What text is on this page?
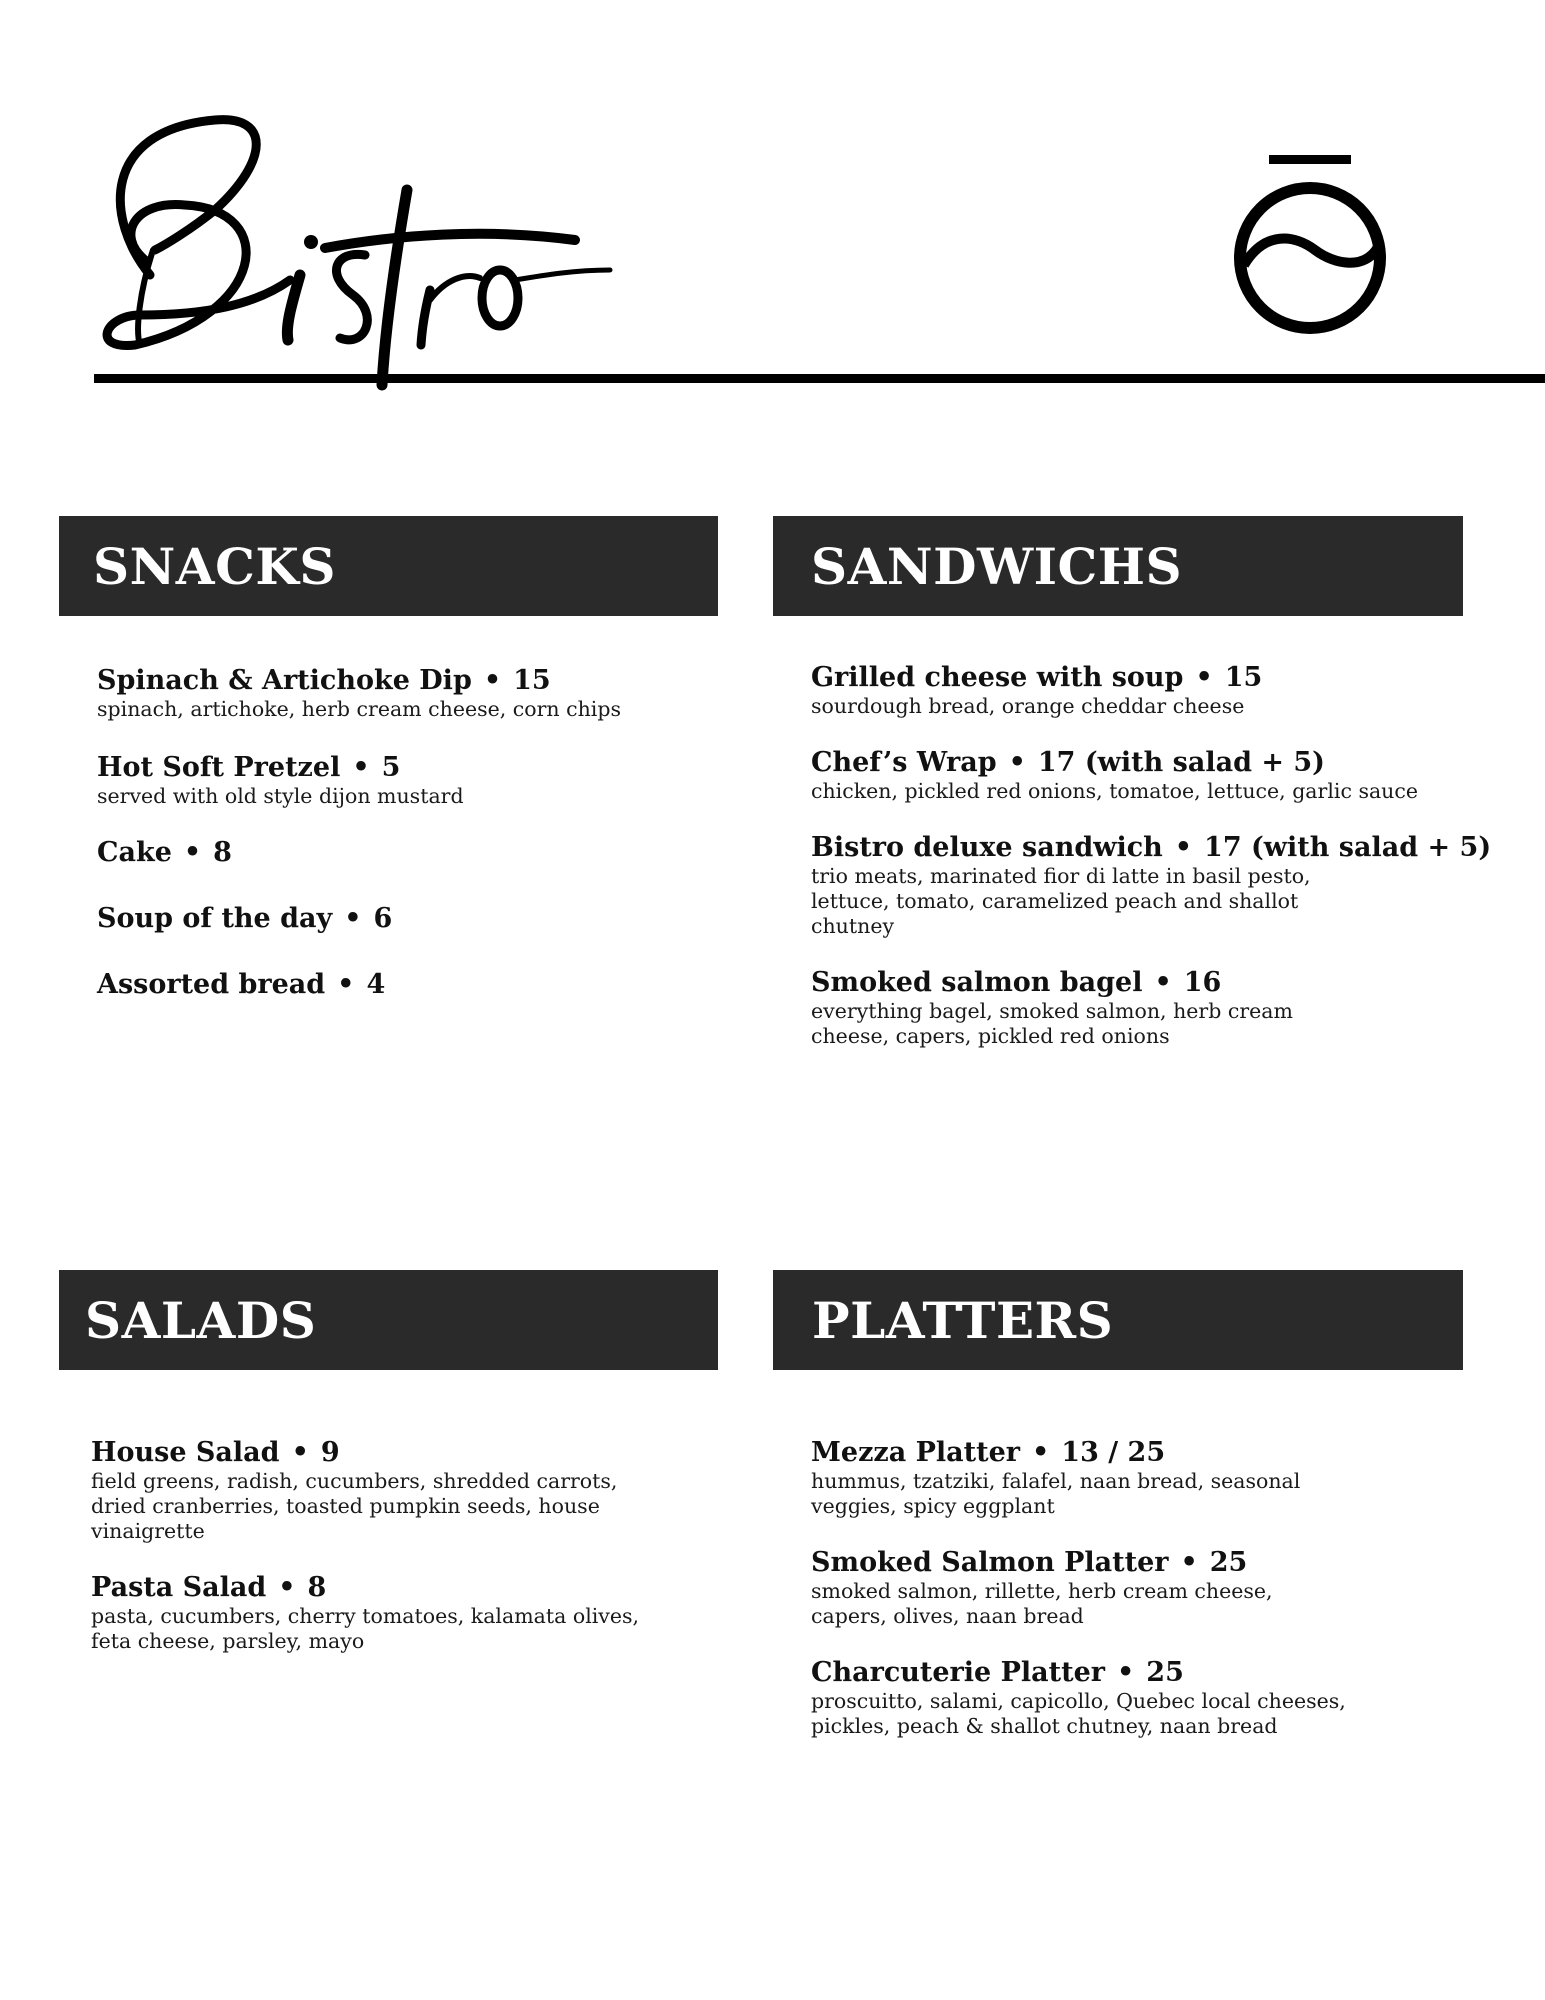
SNACKS
Spinach & Artichoke Dip • 15
spinach, artichoke, herb cream cheese, corn chips
Hot Soft Pretzel • 5
served with old style dijon mustard
Cake • 8
Soup of the day • 6
Assorted bread • 4
SANDWICHS
Grilled cheese with soup • 15
sourdough bread, orange cheddar cheese
Chef’s Wrap • 17 (with salad + 5)
chicken, pickled red onions, tomatoe, lettuce, garlic sauce
Bistro deluxe sandwich • 17 (with salad + 5)
trio meats, marinated fior di latte in basil pesto, lettuce, tomato, caramelized peach and shallot chutney
Smoked salmon bagel • 16
everything bagel, smoked salmon, herb cream cheese, capers, pickled red onions
SALADS
House Salad • 9
field greens, radish, cucumbers, shredded carrots, dried cranberries, toasted pumpkin seeds, house vinaigrette
Pasta Salad • 8
pasta, cucumbers, cherry tomatoes, kalamata olives, feta cheese, parsley, mayo
PLATTERS
Mezza Platter • 13 / 25
hummus, tzatziki, falafel, naan bread, seasonal veggies, spicy eggplant
Smoked Salmon Platter • 25
smoked salmon, rillette, herb cream cheese, capers, olives, naan bread
Charcuterie Platter • 25
proscuitto, salami, capicollo, Quebec local cheeses, pickles, peach & shallot chutney, naan bread
